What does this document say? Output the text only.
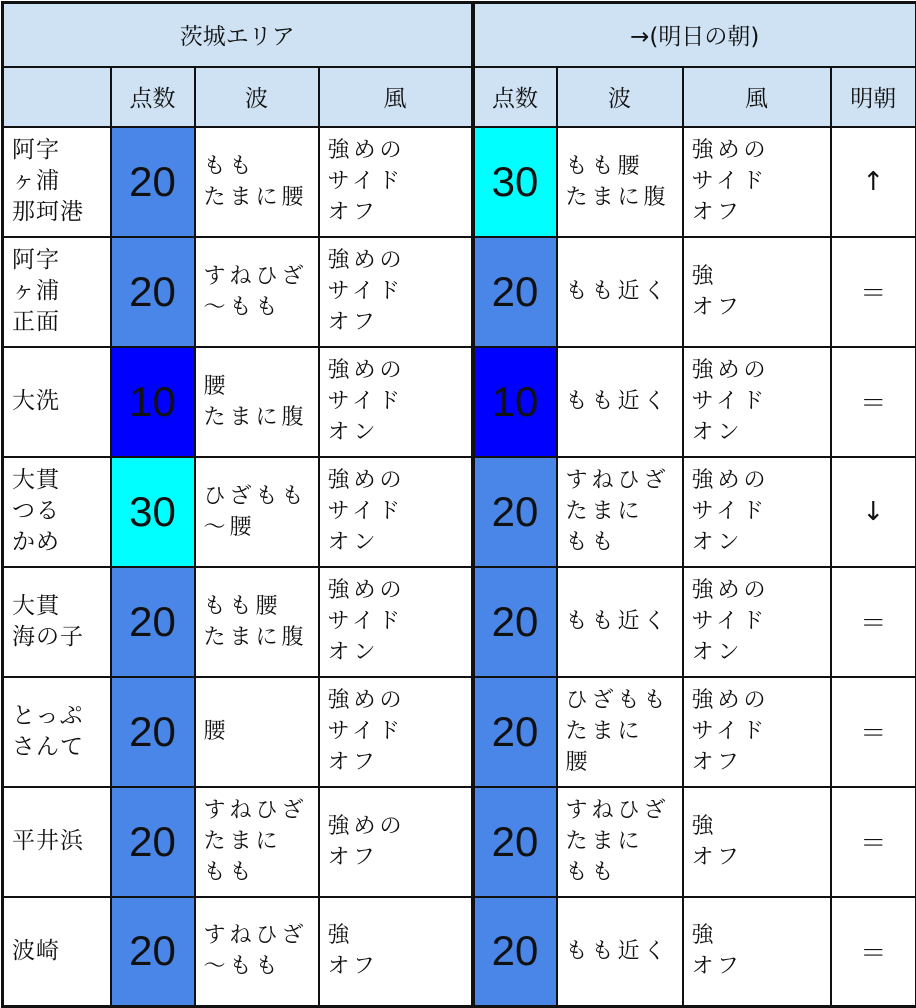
茨城エリア				→(明日の朝)			
	点数	波	風	点数	波	風	明朝
阿字
ヶ浦
那珂港	20	もも
たまに腰	強めの
サイド
オフ	30	もも腰
たまに腹	強めの
サイド
オフ	↑
阿字
ヶ浦
正面	20	すねひざ
〜もも	強めの
サイド
オフ	20	もも近く	強
オフ	＝
大洗	10	腰
たまに腹	強めの
サイド
オン	10	もも近く	強めの
サイド
オン	＝
大貫
つる
かめ	30	ひざもも
〜腰	強めの
サイド
オン	20	すねひざ
たまに
もも	強めの
サイド
オン	↓
大貫
海の子	20	もも腰
たまに腹	強めの
サイド
オン	20	もも近く	強めの
サイド
オン	＝
とっぷ
さんて	20	腰	強めの
サイド
オフ	20	ひざもも
たまに
腰	強めの
サイド
オフ	＝
平井浜	20	すねひざ
たまに
もも	強めの
オフ	20	すねひざ
たまに
もも	強
オフ	＝
波崎	20	すねひざ
〜もも	強
オフ	20	もも近く	強
オフ	＝
